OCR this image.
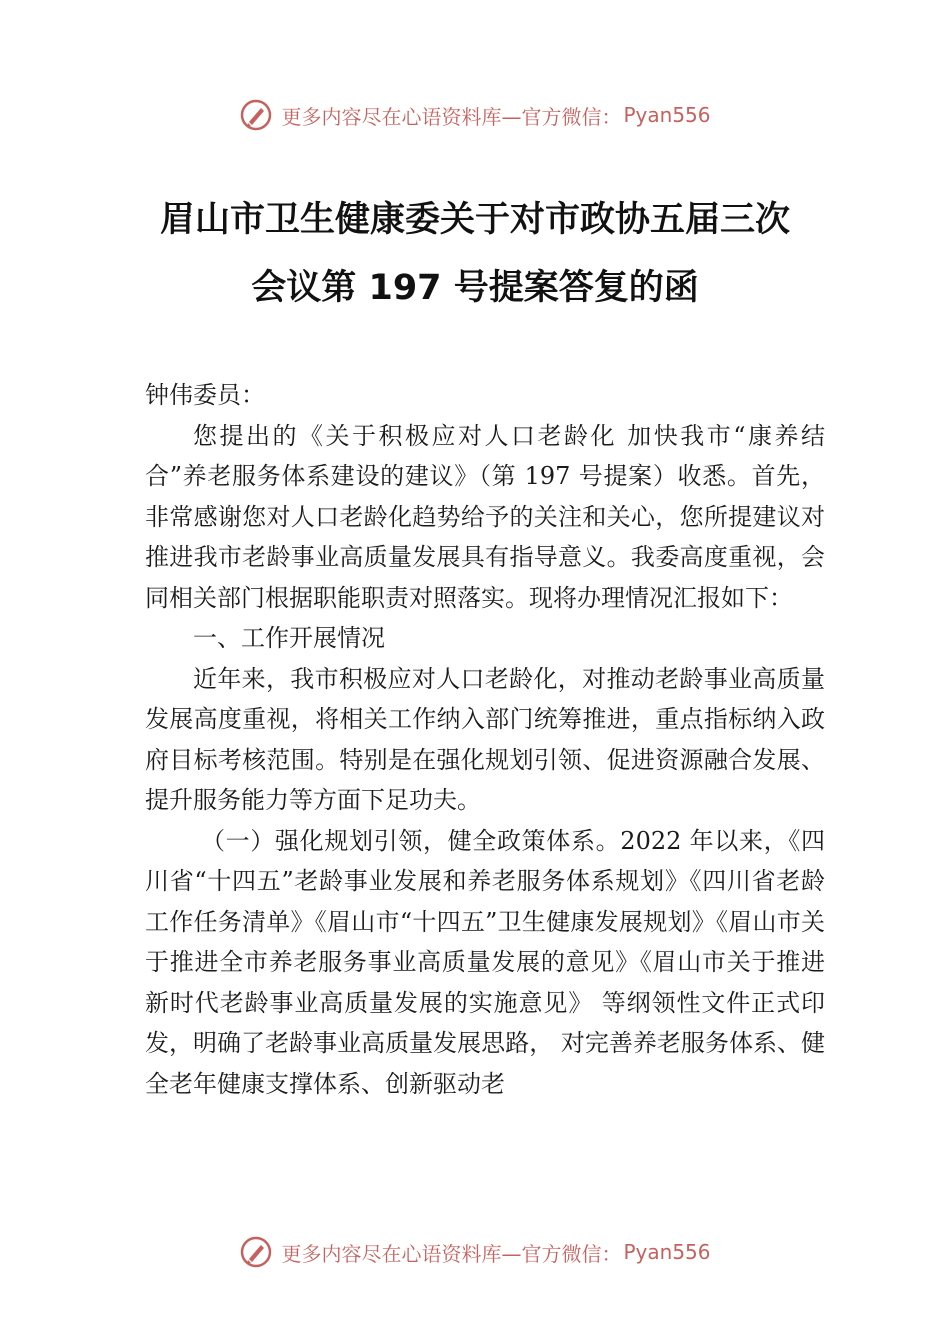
更多内容尽在心语资料库—官方微信： Pyan556
眉山市卫生健康委关于对市政协五届三次
会议第 197 号提案答复的函

钟伟委员：

您提出的《关于积极应对人口老龄化 加快我市“康养结合”养老服务体系建设的建议》（第 197 号提案）收悉。首先， 非常感谢您对人口老龄化趋势给予的关注和关心，您所提建议对推进我市老龄事业高质量发展具有指导意义。我委高度重视，会同相关部门根据职能职责对照落实。现将办理情况汇报如下：

一、工作开展情况

近年来，我市积极应对人口老龄化，对推动老龄事业高质量发展高度重视，将相关工作纳入部门统筹推进，重点指标纳入政府目标考核范围。特别是在强化规划引领、促进资源融合发展、提升服务能力等方面下足功夫。

（一）强化规划引领，健全政策体系。2022 年以来，《四川省“十四五”老龄事业发展和养老服务体系规划》《四川省老龄工作任务清单》《眉山市“十四五”卫生健康发展规划》《眉山市关于推进全市养老服务事业高质量发展的意见》《眉山市关于推进新时代老龄事业高质量发展的实施意见》 等纲领性文件正式印发，明确了老龄事业高质量发展思路， 对完善养老服务体系、健全老年健康支撑体系、创新驱动老

更多内容尽在心语资料库—官方微信： Pyan556
